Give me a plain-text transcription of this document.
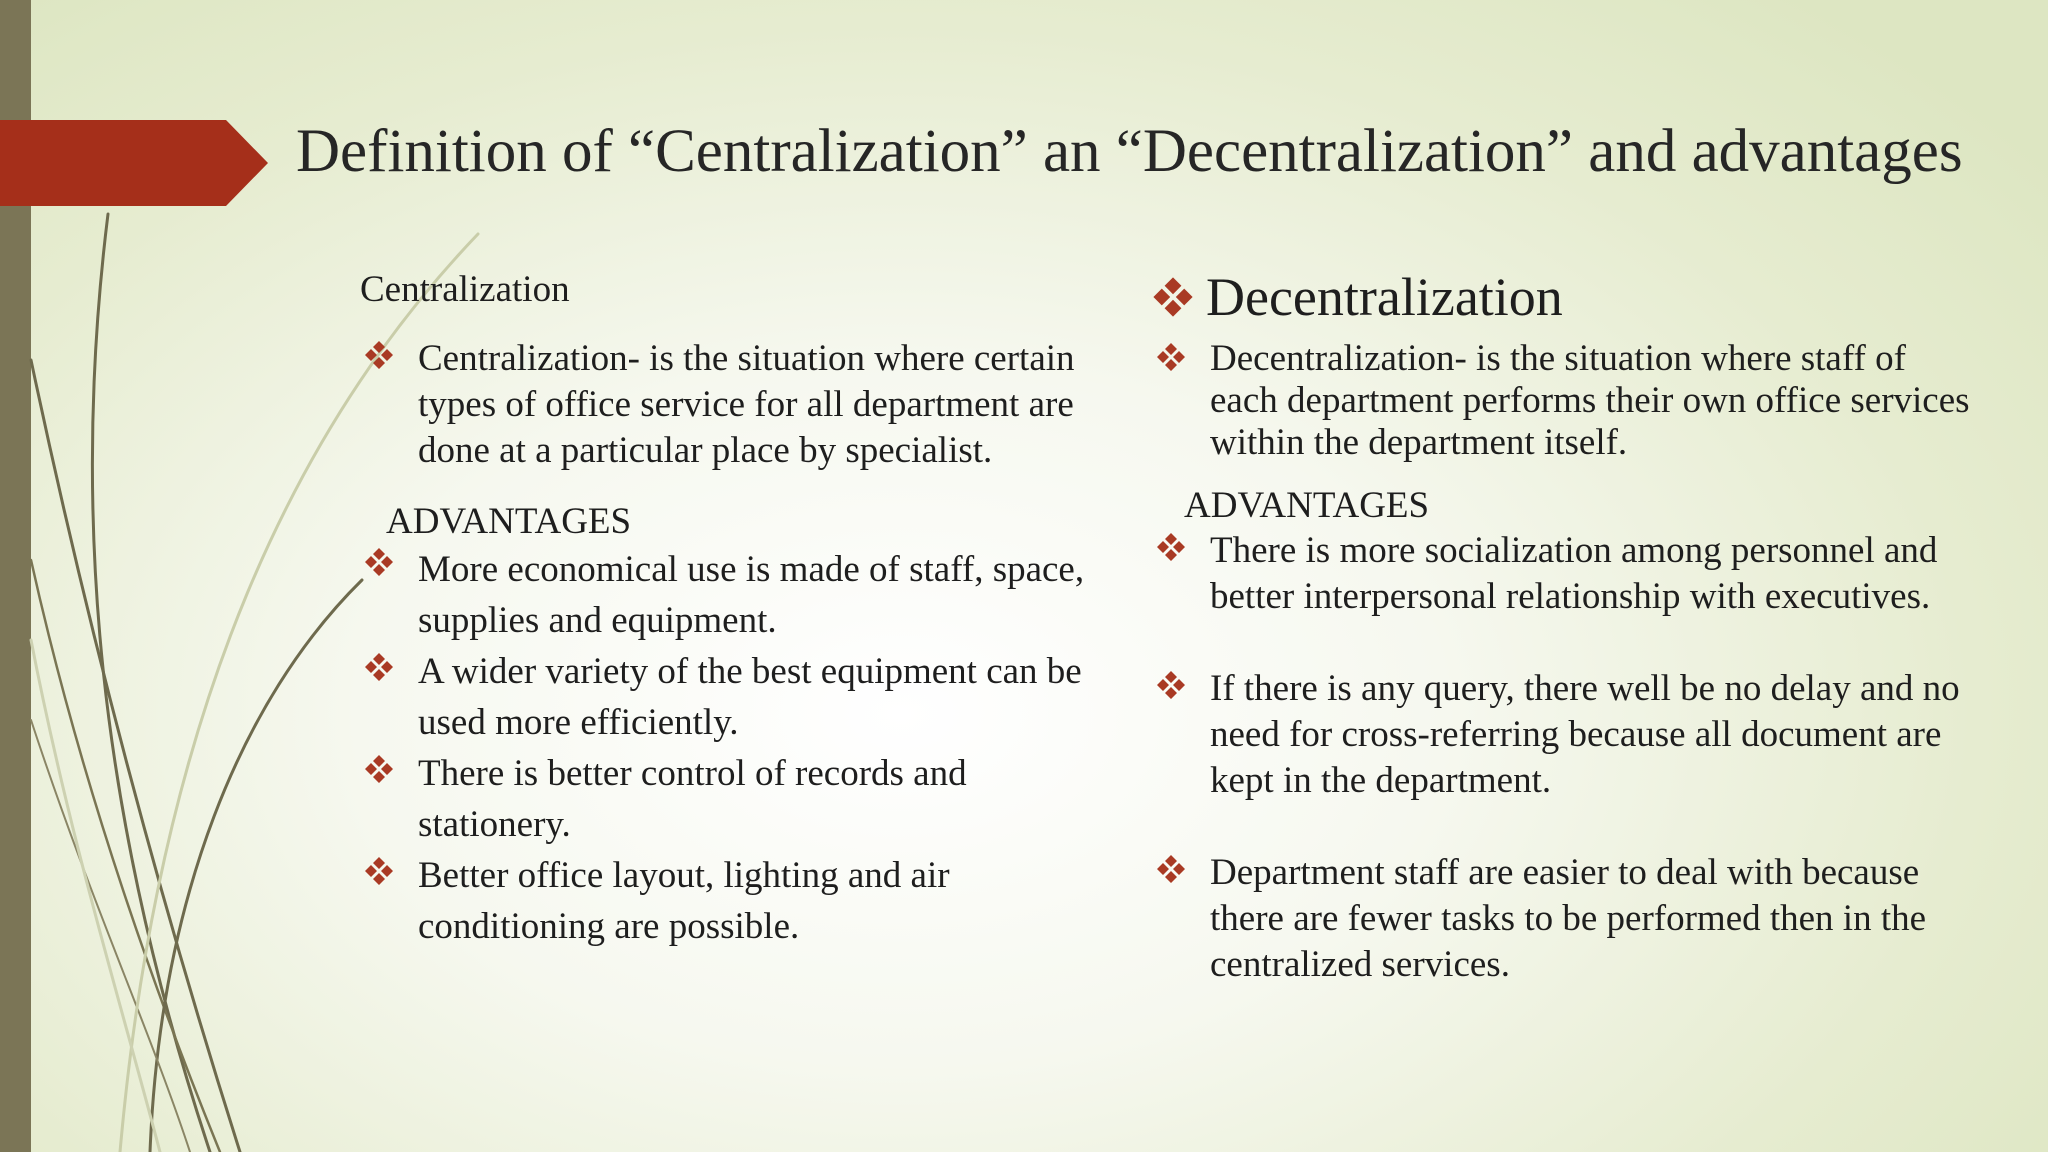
Definition of “Centralization” an “Decentralization” and advantages
Centralization
Centralization- is the situation where certain types of office service for all department are done at a particular place by specialist.
ADVANTAGES
More economical use is made of staff, space, supplies and equipment.
A wider variety of the best equipment can be used more efficiently.
There is better control of records and stationery.
Better office layout, lighting and air conditioning are possible.
Decentralization
Decentralization- is the situation where staff of each department performs their own office services within the department itself.
ADVANTAGES
There is more socialization among personnel and better interpersonal relationship with executives.
If there is any query, there well be no delay and no need for cross-referring because all document are kept in the department.
Department staff are easier to deal with because there are fewer tasks to be performed then in the centralized services.
